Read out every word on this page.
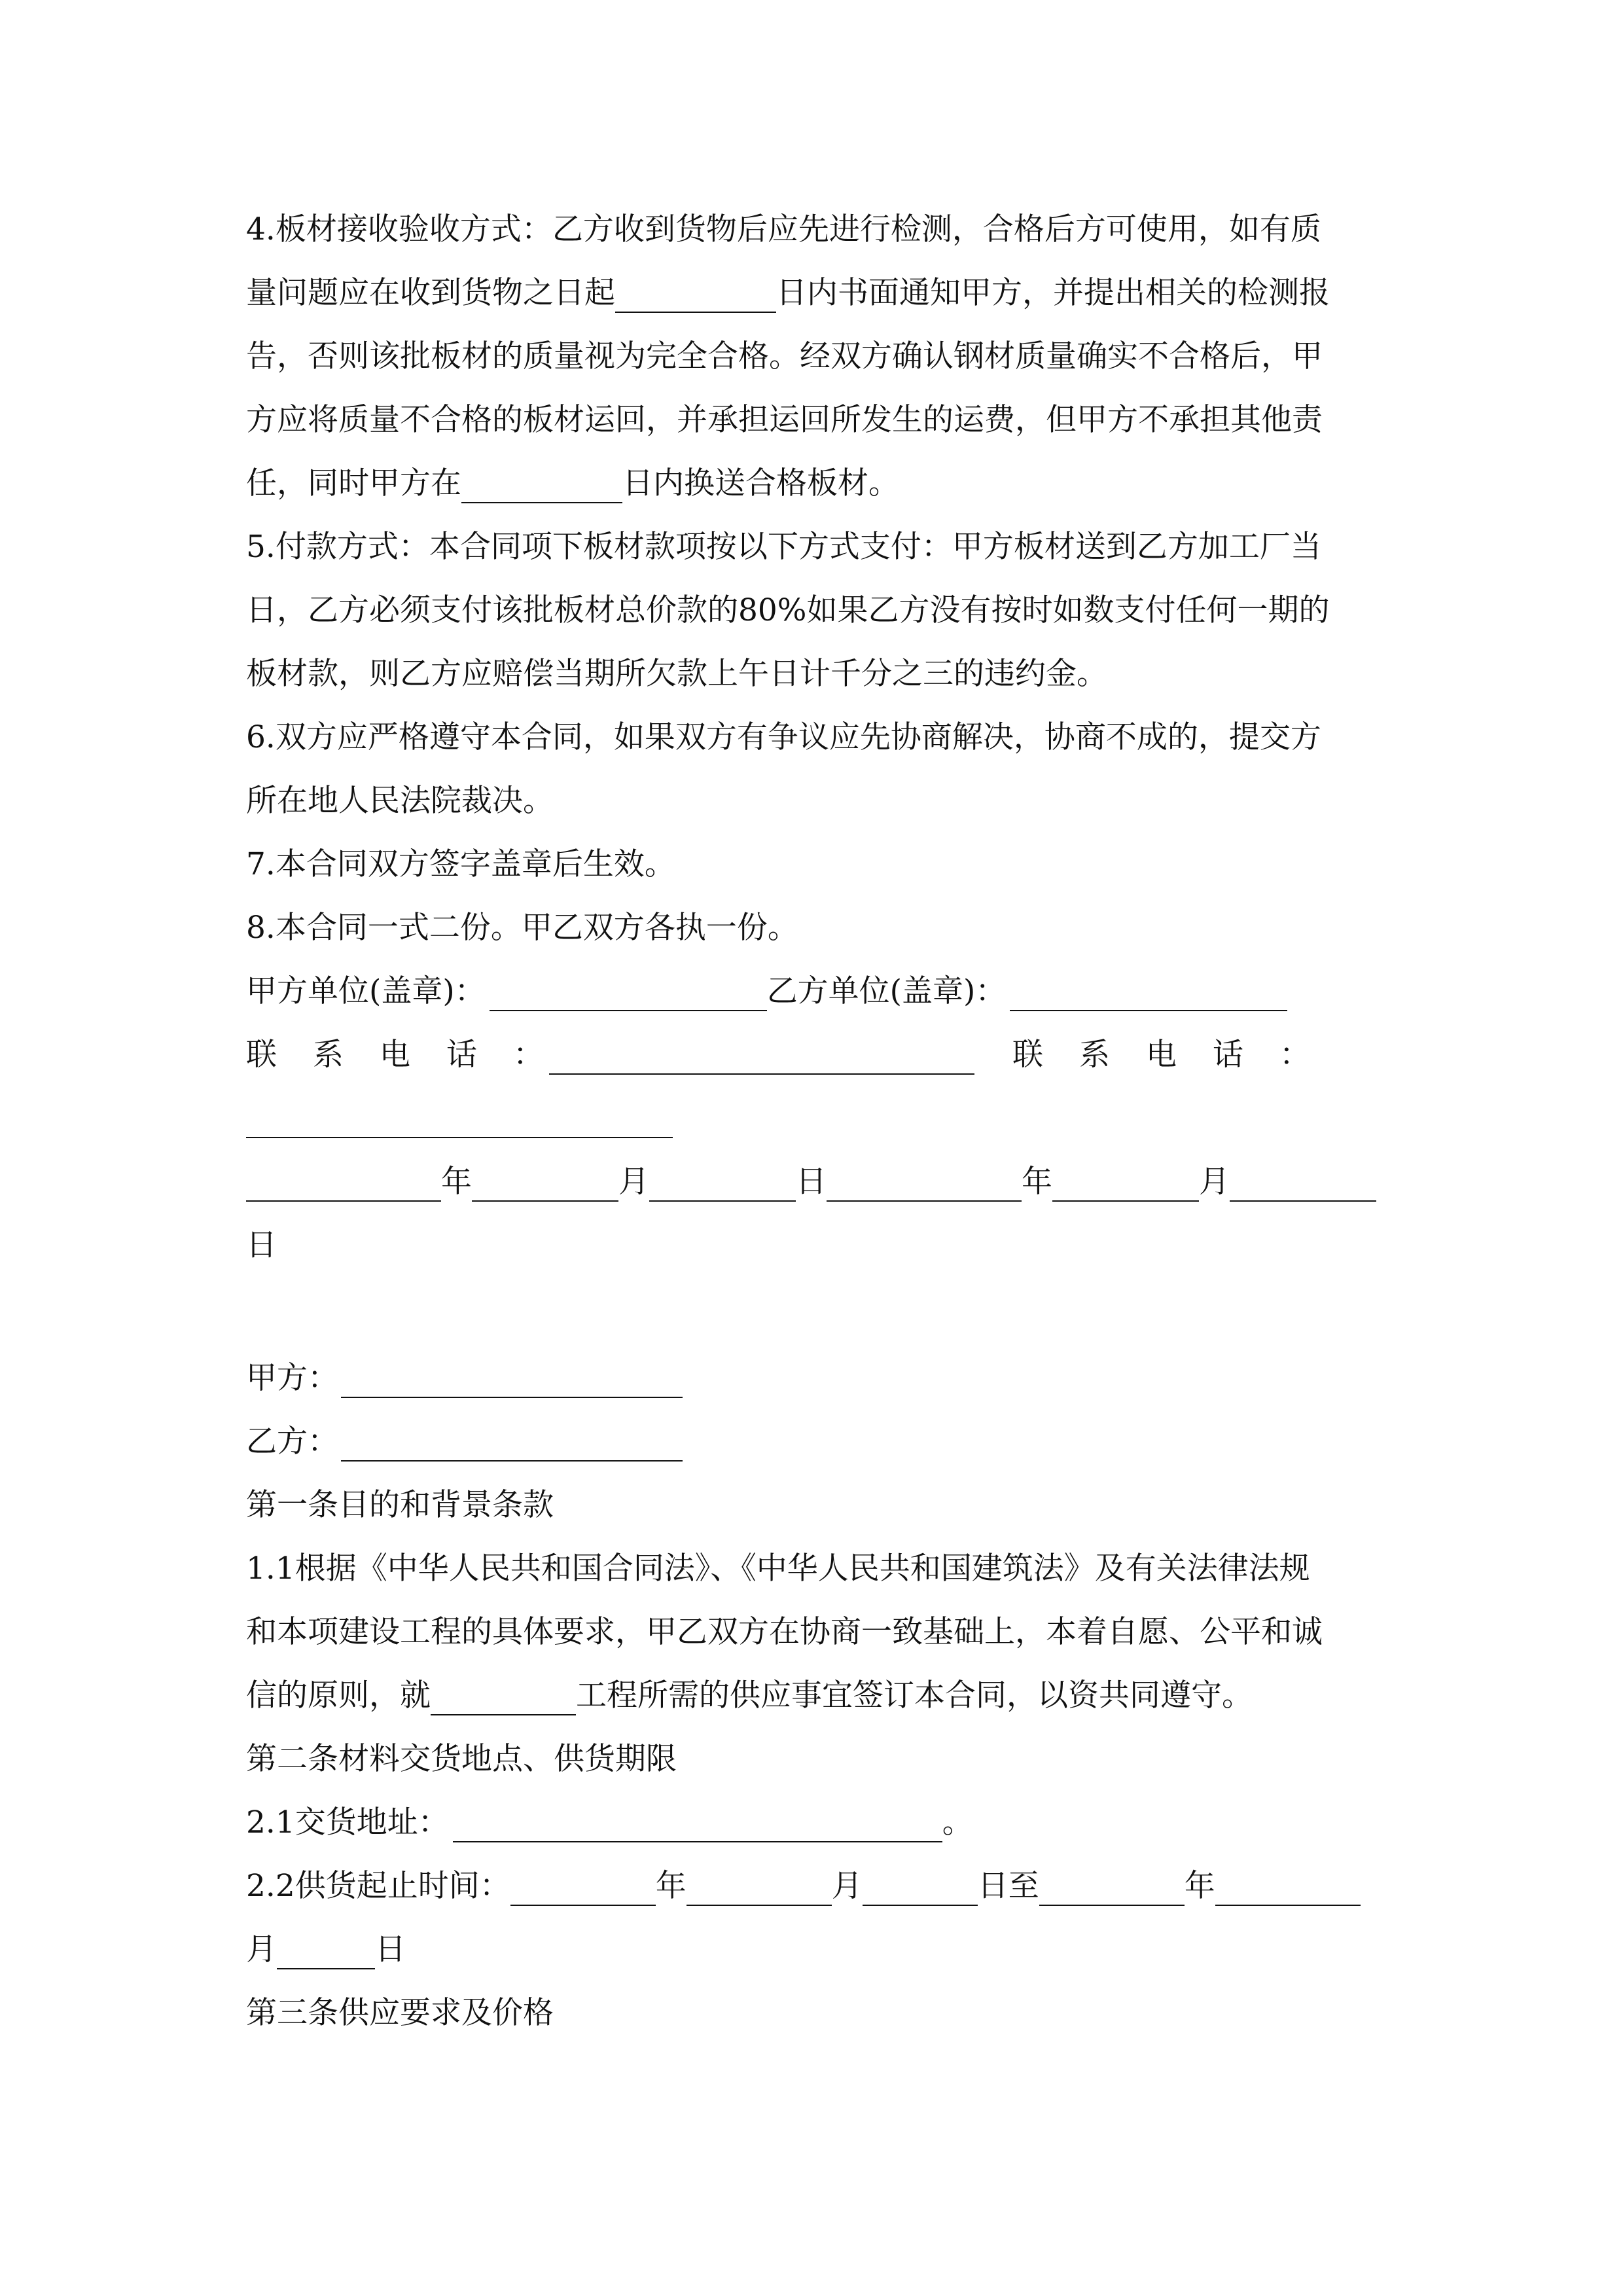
4.板材接收验收方式：乙方收到货物后应先进行检测，合格后方可使用，如有质
量问题应在收到货物之日起	日内书面通知甲方，并提出相关的检测报
告，否则该批板材的质量视为完全合格。经双方确认钢材质量确实不合格后，甲
方应将质量不合格的板材运回，并承担运回所发生的运费，但甲方不承担其他责
任，同时甲方在	日内换送合格板材。
5.付款方式：本合同项下板材款项按以下方式支付：甲方板材送到乙方加工厂当
日，乙方必须支付该批板材总价款的80%如果乙方没有按时如数支付任何一期的
板材款，则乙方应赔偿当期所欠款上午日计千分之三的违约金。
6.双方应严格遵守本合同，如果双方有争议应先协商解决，协商不成的，提交方
所在地人民法院裁决。
7.本合同双方签字盖章后生效。
8.本合同一式二份。甲乙双方各执一份。
甲方单位(盖章)：	乙方单位(盖章)：
联 系 电 话 ：	联 系 电 话 ：
年	月	日	年	月
日
甲方：
乙方：
第一条目的和背景条款
1.1根据《中华人民共和国合同法》、《中华人民共和国建筑法》及有关法律法规
和本项建设工程的具体要求，甲乙双方在协商一致基础上，本着自愿、公平和诚
信的原则，就	工程所需的供应事宜签订本合同，以资共同遵守。
第二条材料交货地点、供货期限
2.1交货地址：	。
2.2供货起止时间：	年	月	日至	年
月	日
第三条供应要求及价格
